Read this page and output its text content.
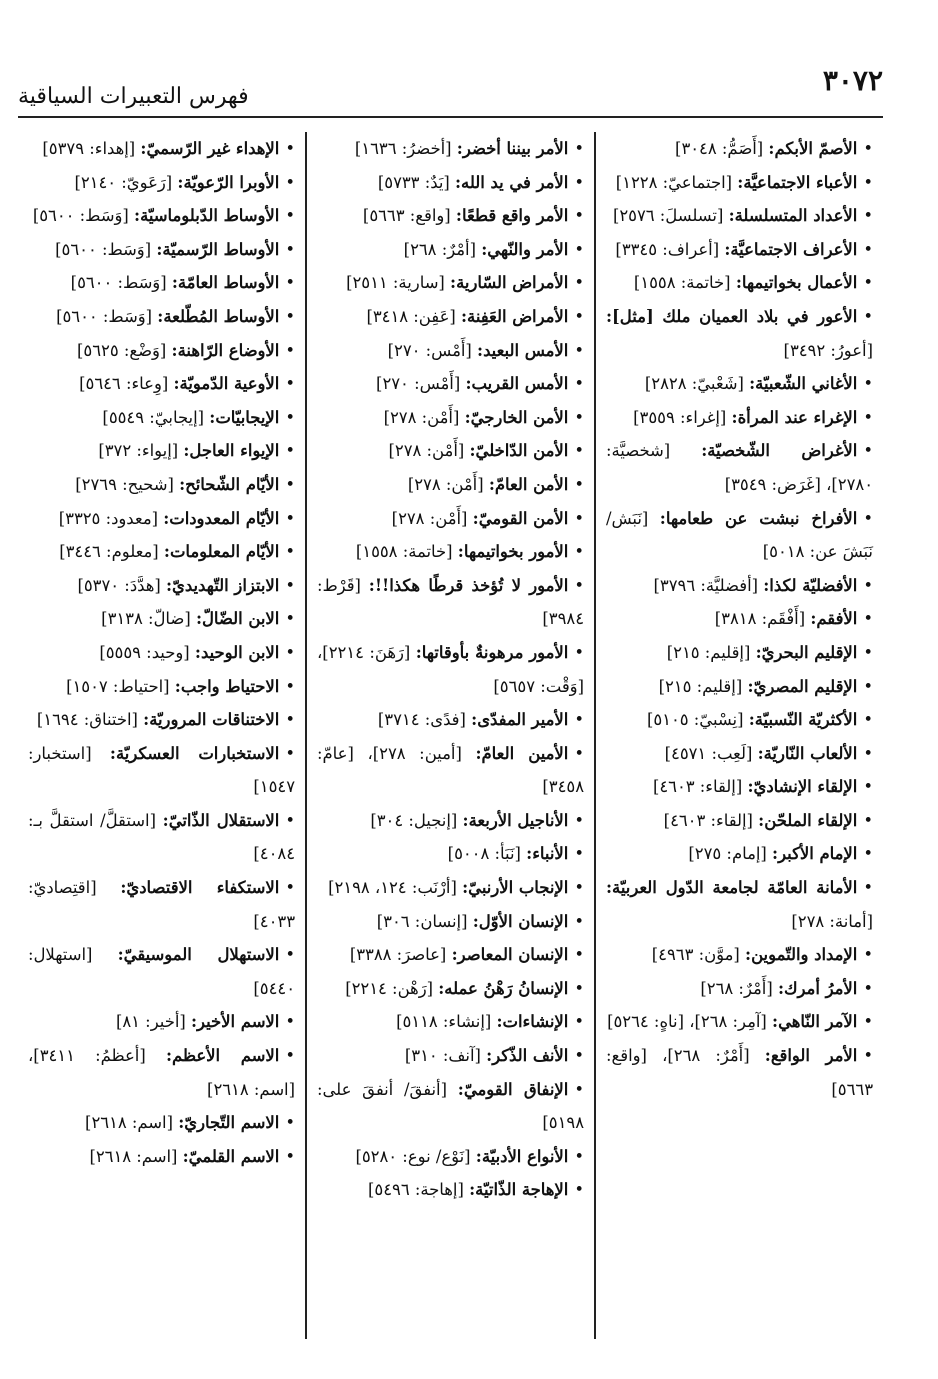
٣٠٧٢
فهرس التعبيرات السياقية

•الأصمّ الأبكم: [أَصَمُّ: ٣٠٤٨]

•الأعباء الاجتماعيَّة: [اجتماعيّ: ١٢٢٨]

•الأعداد المتسلسلة: [تسلسلَ: ٢٥٧٦]

•الأعراف الاجتماعيَّة: [أعراف: ٣٣٤٥]

•الأعمال بخواتيمها: [خاتمة: ١٥٥٨]

•الأعور في بلاد العميان ملك [مثل]: [أعورُ: ٣٤٩٢]

•الأغاني الشّعبيّة: [شَعْبيّ: ٢٨٢٨]

•الإغراء عند المرأة: [إغراء: ٣٥٥٩]

•الأغراض الشّخصيّة: [شخصيَّة: ٢٧٨٠]، [غَرَض: ٣٥٤٩]

•الأفراخ نبشت عن طعامها: [نَبَش/ نَبَشَ عن: ٥٠١٨]

•الأفضليّة لكذا: [أفضليَّة: ٣٧٩٦]

•الأفقم: [أَفْقَم: ٣٨١٨]

•الإقليم البحريّ: [إقليم: ٢١٥]

•الإقليم المصريّ: [إقليم: ٢١٥]

•الأكثريّة النّسبيّة: [نِسْبيّ: ٥١٠٥]

•الألعاب النّاريّة: [لَعِب: ٤٥٧١]

•الإلقاء الإنشاديّ: [إلقاء: ٤٦٠٣]

•الإلقاء الملحّن: [إلقاء: ٤٦٠٣]

•الإمام الأكبر: [إمام: ٢٧٥]

•الأمانة العامّة لجامعة الدّول العربيّة: [أمانة: ٢٧٨]

•الإمداد والتّموين: [موَّن: ٤٩٦٣]

•الأمرُ أمرك: [أَمْرٌ: ٢٦٨]

•الآمر النّاهي: [آمِر: ٢٦٨]، [ناهٍ: ٥٢٦٤]

•الأمر الواقع: [أَمْرٌ: ٢٦٨]، [واقع: ٥٦٦٣]

•الأمر بيننا أخضر: [أخضرُ: ١٦٣٦]

•الأمر في يد الله: [يَدٌ: ٥٧٣٣]

•الأمر واقع قطعًا: [واقع: ٥٦٦٣]

•الأمر والنّهي: [أمْرٌ: ٢٦٨]

•الأمراض السّارية: [سارية: ٢٥١١]

•الأمراض العَفِنة: [عَفِن: ٣٤١٨]

•الأمس البعيد: [أَمْس: ٢٧٠]

•الأمس القريب: [أَمْس: ٢٧٠]

•الأمن الخارجيّ: [أَمْن: ٢٧٨]

•الأمن الدّاخليّ: [أَمْن: ٢٧٨]

•الأمن العامّ: [أَمْن: ٢٧٨]

•الأمن القوميّ: [أَمْن: ٢٧٨]

•الأمور بخواتيمها: [خاتمة: ١٥٥٨]

•الأمور لا تُؤخذ قرطًا هكذا!!: [قَرْط: ٣٩٨٤]

•الأمور مرهونةٌ بأوقاتها: [رَهَنَ: ٢٢١٤]، [وَقْت: ٥٦٥٧]

•الأمير المفدّى: [فدًى: ٣٧١٤]

•الأمين العامّ: [أمين: ٢٧٨]، [عامّ: ٣٤٥٨]

•الأناجيل الأربعة: [إنجيل: ٣٠٤]

•الأنباء: [نَبَأ: ٥٠٠٨]

•الإنجاب الأرنبيّ: [أرْنَب: ١٢٤، ٢١٩٨]

•الإنسان الأوّل: [إنسان: ٣٠٦]

•الإنسان المعاصر: [عاصرَ: ٣٣٨٨]

•الإنسانُ رَهْنُ عمله: [رَهْن: ٢٢١٤]

•الإنشاءات: [إنشاء: ٥١١٨]

•الأنف الذّكر: [آنف: ٣١٠]

•الإنفاق القوميّ: [أنفقَ/ أنفقَ على: ٥١٩٨]

•الأنواع الأدبيّة: [نَوْع/ نوع: ٥٢٨٠]

•الإهاجة الذّاتيّة: [إهاجة: ٥٤٩٦]

•الإهداء غير الرّسميّ: [إهداء: ٥٣٧٩]

•الأوبرا الرّعويّة: [رَعَويّ: ٢١٤٠]

•الأوساط الدّبلوماسيّة: [وَسَط: ٥٦٠٠]

•الأوساط الرّسميّة: [وَسَط: ٥٦٠٠]

•الأوساط العامّة: [وَسَط: ٥٦٠٠]

•الأوساط المُطّلعة: [وَسَط: ٥٦٠٠]

•الأوضاع الرّاهنة: [وَضْع: ٥٦٢٥]

•الأوعية الدّمويّة: [وِعاء: ٥٦٤٦]

•الإيجابيّات: [إيجابيّ: ٥٥٤٩]

•الإيواء العاجل: [إيواء: ٣٧٢]

•الأيّام الشّحائح: [شحيح: ٢٧٦٩]

•الأيّام المعدودات: [معدود: ٣٣٢٥]

•الأيّام المعلومات: [معلوم: ٣٤٤٦]

•الابتزاز التّهديديّ: [هدَّدَ: ٥٣٧٠]

•الابن الضّالّ: [ضالّ: ٣١٣٨]

•الابن الوحيد: [وحيد: ٥٥٥٩]

•الاحتياط واجب: [احتياط: ١٥٠٧]

•الاختناقات المروريّة: [اختناق: ١٦٩٤]

•الاستخبارات العسكريّة: [استخبار: ١٥٤٧]

•الاستقلال الذّاتيّ: [استقلَّ/ استقلَّ بـ: ٤٠٨٤]

•الاستكفاء الاقتصاديّ: [اقتِصاديّ: ٤٠٣٣]

•الاستهلال الموسيقيّ: [استهلال: ٥٤٤٠]

•الاسم الأخير: [أخير: ٨١]

•الاسم الأعظم: [أعظمُ: ٣٤١١]، [اسم: ٢٦١٨]

•الاسم التّجاريّ: [اسم: ٢٦١٨]

•الاسم القلميّ: [اسم: ٢٦١٨]
